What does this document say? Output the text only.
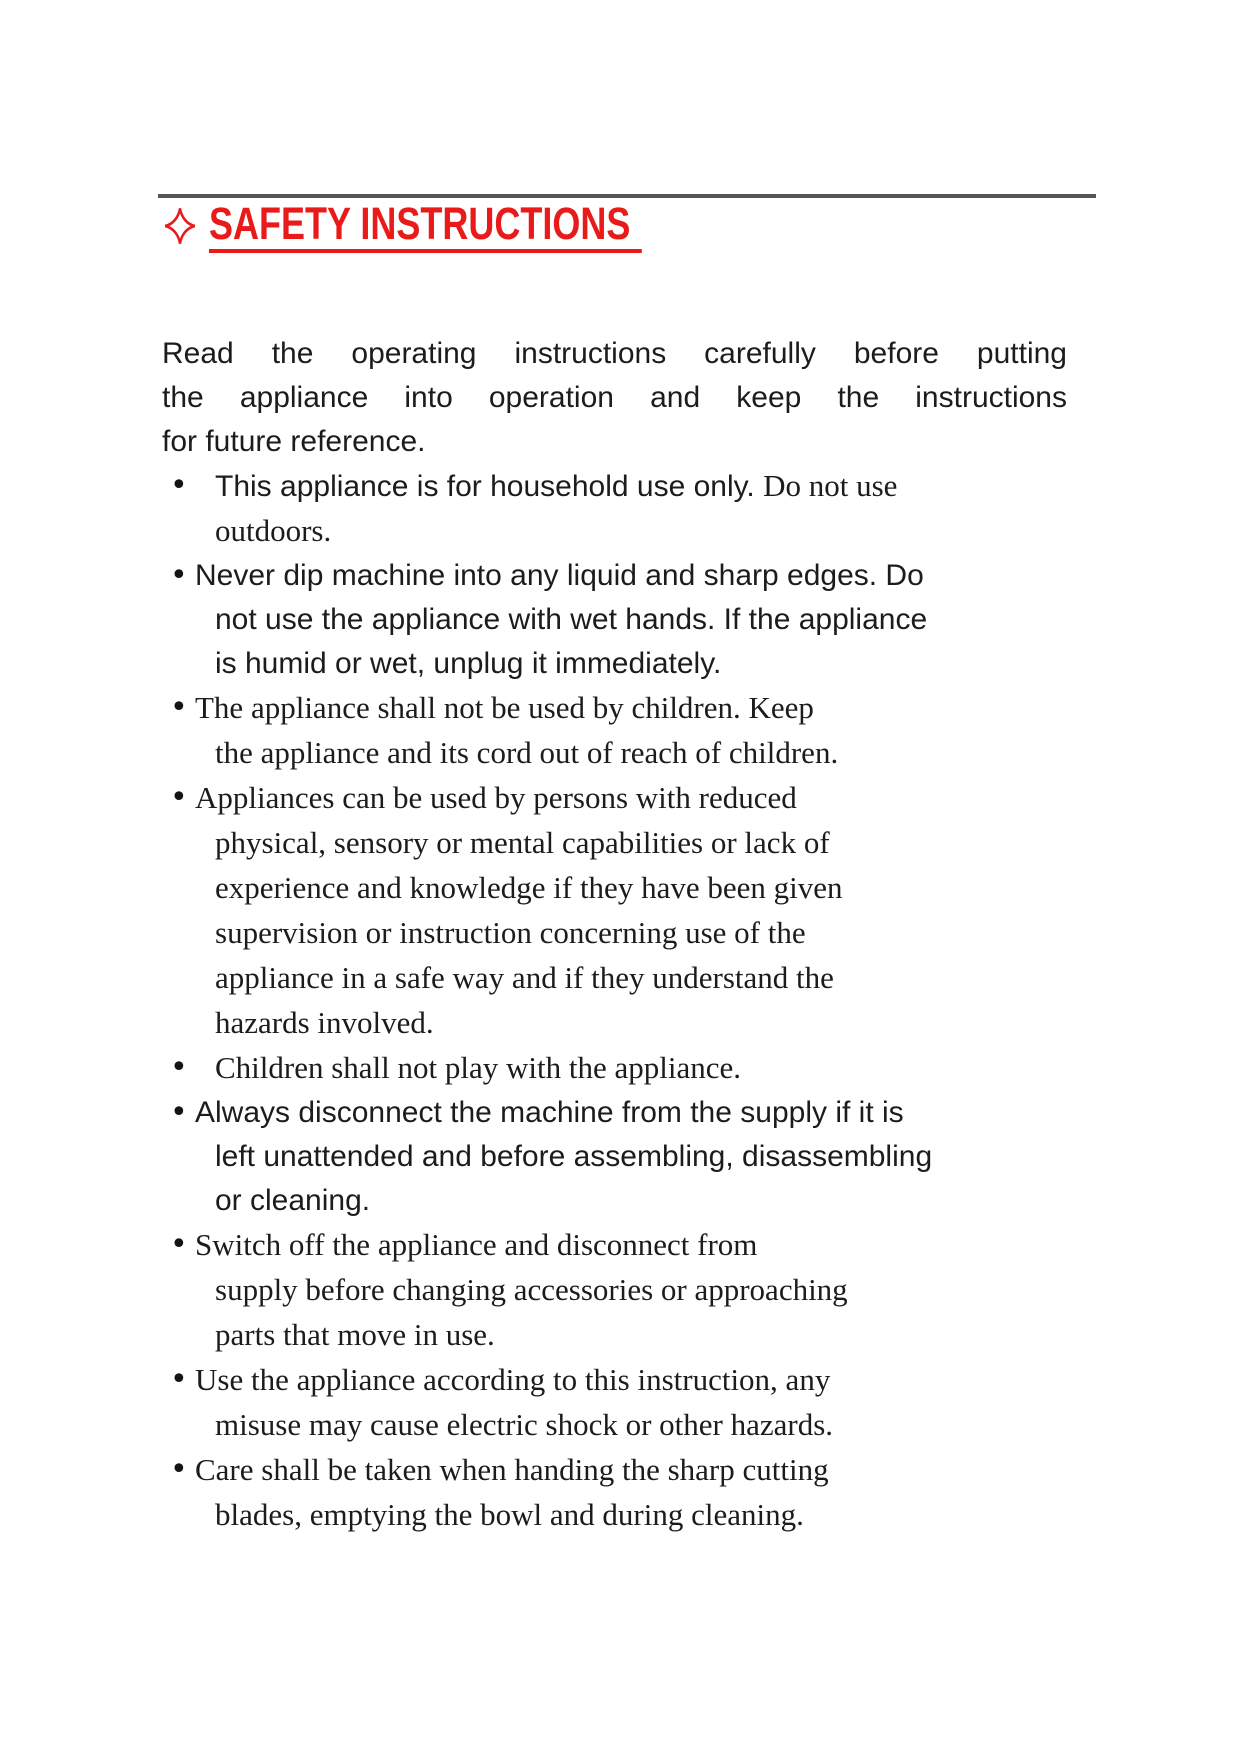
SAFETY INSTRUCTIONS
Read the operating instructions carefully before putting
the appliance into operation and keep the instructions
for future reference.
• This appliance is for household use only. Do not use
outdoors.
• Never dip machine into any liquid and sharp edges. Do
not use the appliance with wet hands. If the appliance
is humid or wet, unplug it immediately.
• The appliance shall not be used by children. Keep
the appliance and its cord out of reach of children.
• Appliances can be used by persons with reduced
physical, sensory or mental capabilities or lack of
experience and knowledge if they have been given
supervision or instruction concerning use of the
appliance in a safe way and if they understand the
hazards involved.
• Children shall not play with the appliance.
• Always disconnect the machine from the supply if it is
left unattended and before assembling, disassembling
or cleaning.
• Switch off the appliance and disconnect from
supply before changing accessories or approaching
parts that move in use.
• Use the appliance according to this instruction, any
misuse may cause electric shock or other hazards.
• Care shall be taken when handing the sharp cutting
blades, emptying the bowl and during cleaning.
